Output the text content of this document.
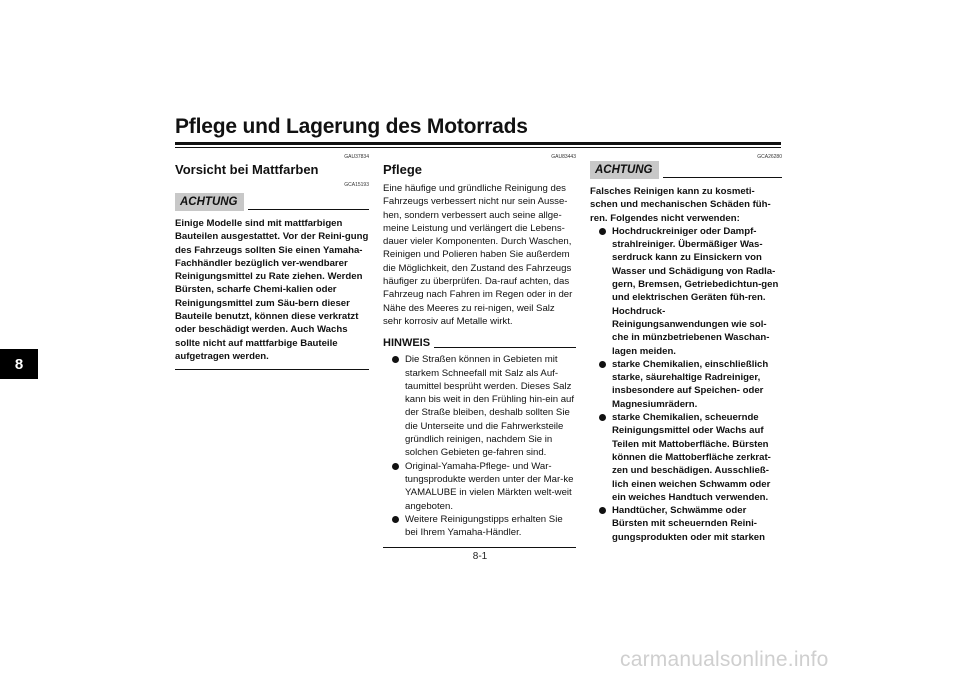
Pflege und Lagerung des Motorrads
8
GAU37834
Vorsicht bei Mattfarben
GCA15193
ACHTUNG

Einige Modelle sind mit mattfarbigen Bauteilen ausgestattet. Vor der Reini-gung des Fahrzeugs sollten Sie einen Yamaha-Fachhändler bezüglich ver-wendbarer Reinigungsmittel zu Rate ziehen. Werden Bürsten, scharfe Chemi-kalien oder Reinigungsmittel zum Säu-bern dieser Bauteile benutzt, können diese verkratzt oder beschädigt werden. Auch Wachs sollte nicht auf mattfarbige Bauteile aufgetragen werden.

GAU83443
Pflege

Eine häufige und gründliche Reinigung des Fahrzeugs verbessert nicht nur sein Ausse-hen, sondern verbessert auch seine allge-meine Leistung und verlängert die Lebens-dauer vieler Komponenten. Durch Waschen, Reinigen und Polieren haben Sie außerdem die Möglichkeit, den Zustand des Fahrzeugs häufiger zu überprüfen. Da-rauf achten, das Fahrzeug nach Fahren im Regen oder in der Nähe des Meeres zu rei-nigen, weil Salz sehr korrosiv auf Metalle wirkt.

HINWEIS
Die Straßen können in Gebieten mit starkem Schneefall mit Salz als Auf-taumittel besprüht werden. Dieses Salz kann bis weit in den Frühling hin-ein auf der Straße bleiben, deshalb sollten Sie die Unterseite und die Fahrwerksteile gründlich reinigen, nachdem Sie in solchen Gebieten ge-fahren sind.
Original-Yamaha-Pflege- und War-tungsprodukte werden unter der Mar-ke YAMALUBE in vielen Märkten welt-weit angeboten.
Weitere Reinigungstipps erhalten Sie bei Ihrem Yamaha-Händler.
GCA26280
ACHTUNG

Falsches Reinigen kann zu kosmeti-schen und mechanischen Schäden füh-ren. Folgendes nicht verwenden:

Hochdruckreiniger oder Dampf-strahlreiniger. Übermäßiger Was-serdruck kann zu Einsickern von Wasser und Schädigung von Radla-gern, Bremsen, Getriebedichtun-gen und elektrischen Geräten füh-ren. Hochdruck-Reinigungsanwendungen wie sol-che in münzbetriebenen Waschan-lagen meiden.
starke Chemikalien, einschließlich starke, säurehaltige Radreiniger, insbesondere auf Speichen- oder Magnesiumrädern.
starke Chemikalien, scheuernde Reinigungsmittel oder Wachs auf Teilen mit Mattoberfläche. Bürsten können die Mattoberfläche zerkrat-zen und beschädigen. Ausschließ-lich einen weichen Schwamm oder ein weiches Handtuch verwenden.
Handtücher, Schwämme oder Bürsten mit scheuernden Reini-gungsprodukten oder mit starken
8-1
carmanualsonline.info
